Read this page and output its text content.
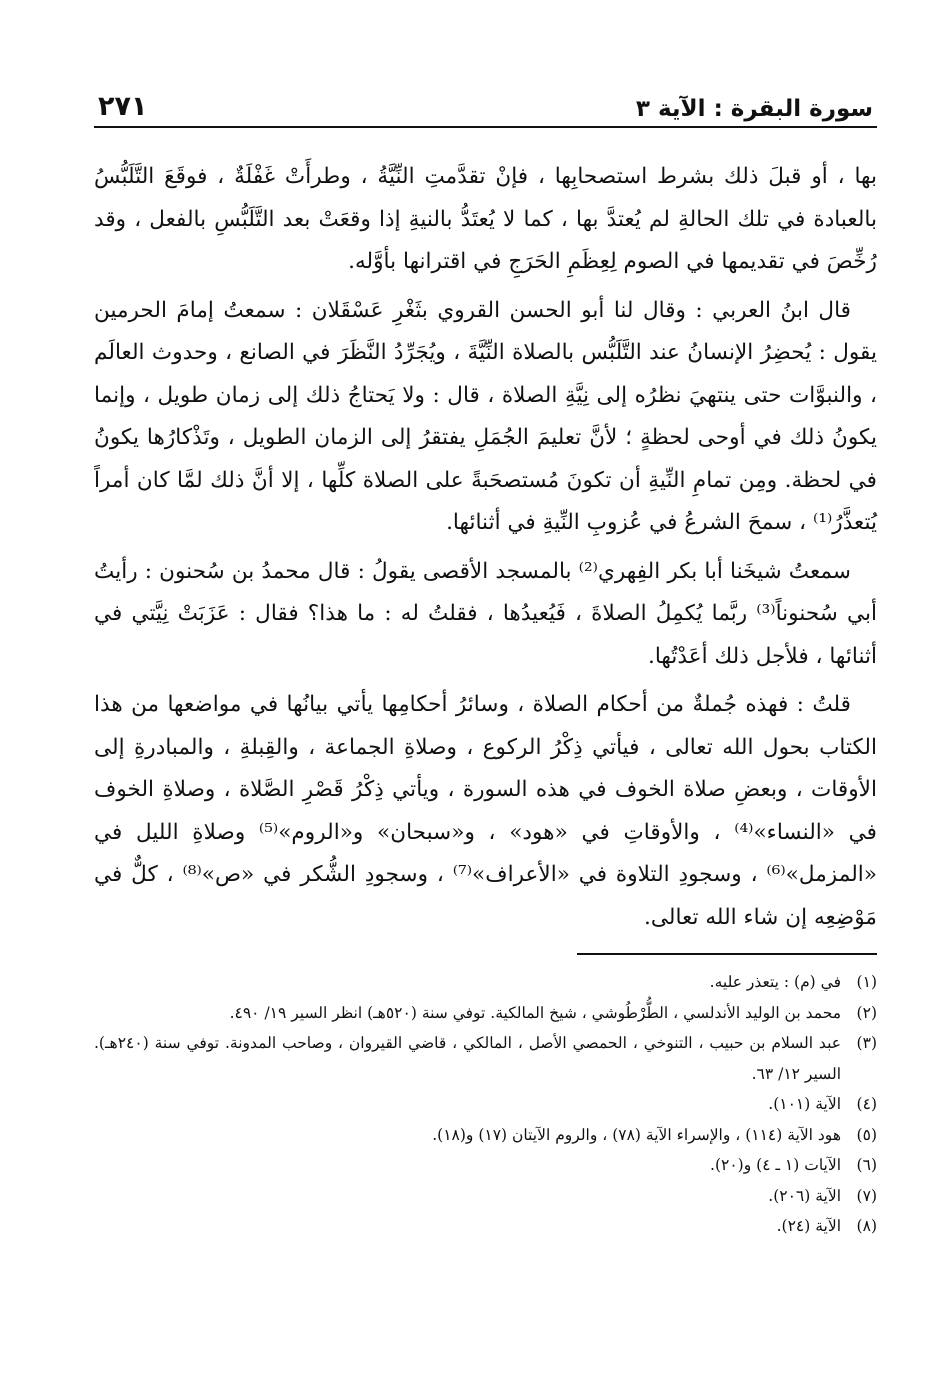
سورة البقرة : الآية ٣
٢٧١

بها ، أو قبلَ ذلك بشرط استصحابِها ، فإنْ تقدَّمتِ النِّيَّةُ ، وطرأَتْ غَفْلَةٌ ، فوقَعَ التَّلَبُّسُ بالعبادة في تلك الحالةِ لم يُعتدَّ بها ، كما لا يُعتَدُّ بالنيةِ إذا وقعَتْ بعد التَّلَبُّسِ بالفعل ، وقد رُخِّصَ في تقديمها في الصوم لِعِظَمِ الحَرَجِ في اقترانها بأوَّله.

قال ابنُ العربي : وقال لنا أبو الحسن القروي بثَغْرِ عَسْقَلان : سمعتُ إمامَ الحرمين يقول : يُحضِرُ الإنسانُ عند التَّلَبُّس بالصلاة النِّيَّةَ ، ويُجَرِّدُ النَّظَرَ في الصانع ، وحدوث العالَم ، والنبوَّات حتى ينتهيَ نظرُه إلى نِيَّةِ الصلاة ، قال : ولا يَحتاجُ ذلك إلى زمان طويل ، وإنما يكونُ ذلك في أوحى لحظةٍ ؛ لأنَّ تعليمَ الجُمَلِ يفتقرُ إلى الزمان الطويل ، وتَذْكارُها يكونُ في لحظة. ومِن تمامِ النِّيةِ أن تكونَ مُستصحَبةً على الصلاة كلِّها ، إلا أنَّ ذلك لمَّا كان أمراً يُتعذَّرُ⁽¹⁾ ، سمحَ الشرعُ في عُزوبِ النِّيةِ في أثنائها.

سمعتُ شيخَنا أبا بكر الفِهري⁽²⁾ بالمسجد الأقصى يقولُ : قال محمدُ بن سُحنون : رأيتُ أبي سُحنوناً⁽³⁾ ربَّما يُكمِلُ الصلاةَ ، فَيُعيدُها ، فقلتُ له : ما هذا؟ فقال : عَزَبَتْ نِيَّتي في أثنائها ، فلأجل ذلك أعَدْتُها.

قلتُ : فهذه جُملةٌ من أحكام الصلاة ، وسائرُ أحكامِها يأتي بيانُها في مواضعها من هذا الكتاب بحول الله تعالى ، فيأتي ذِكْرُ الركوع ، وصلاةِ الجماعة ، والقِبلةِ ، والمبادرةِ إلى الأوقات ، وبعضِ صلاة الخوف في هذه السورة ، ويأتي ذِكْرُ قَصْرِ الصَّلاة ، وصلاةِ الخوف في «النساء»⁽⁴⁾ ، والأوقاتِ في «هود» ، و«سبحان» و«الروم»⁽⁵⁾ وصلاةِ الليل في «المزمل»⁽⁶⁾ ، وسجودِ التلاوة في «الأعراف»⁽⁷⁾ ، وسجودِ الشُّكر في «ص»⁽⁸⁾ ، كلٌّ في مَوْضِعِه إن شاء الله تعالى.

(١)
في (م) : يتعذر عليه.
(٢)
محمد بن الوليد الأندلسي ، الطُّرْطُوشي ، شيخ المالكية. توفي سنة (٥٢٠هـ) انظر السير ١٩/ ٤٩٠.
(٣)
عبد السلام بن حبيب ، التنوخي ، الحمصي الأصل ، المالكي ، قاضي القيروان ، وصاحب المدونة. توفي سنة (٢٤٠هـ). السير ١٢/ ٦٣.
(٤)
الآية (١٠١).
(٥)
هود الآية (١١٤) ، والإسراء الآية (٧٨) ، والروم الآيتان (١٧) و(١٨).
(٦)
الآيات (١ ـ ٤) و(٢٠).
(٧)
الآية (٢٠٦).
(٨)
الآية (٢٤).
